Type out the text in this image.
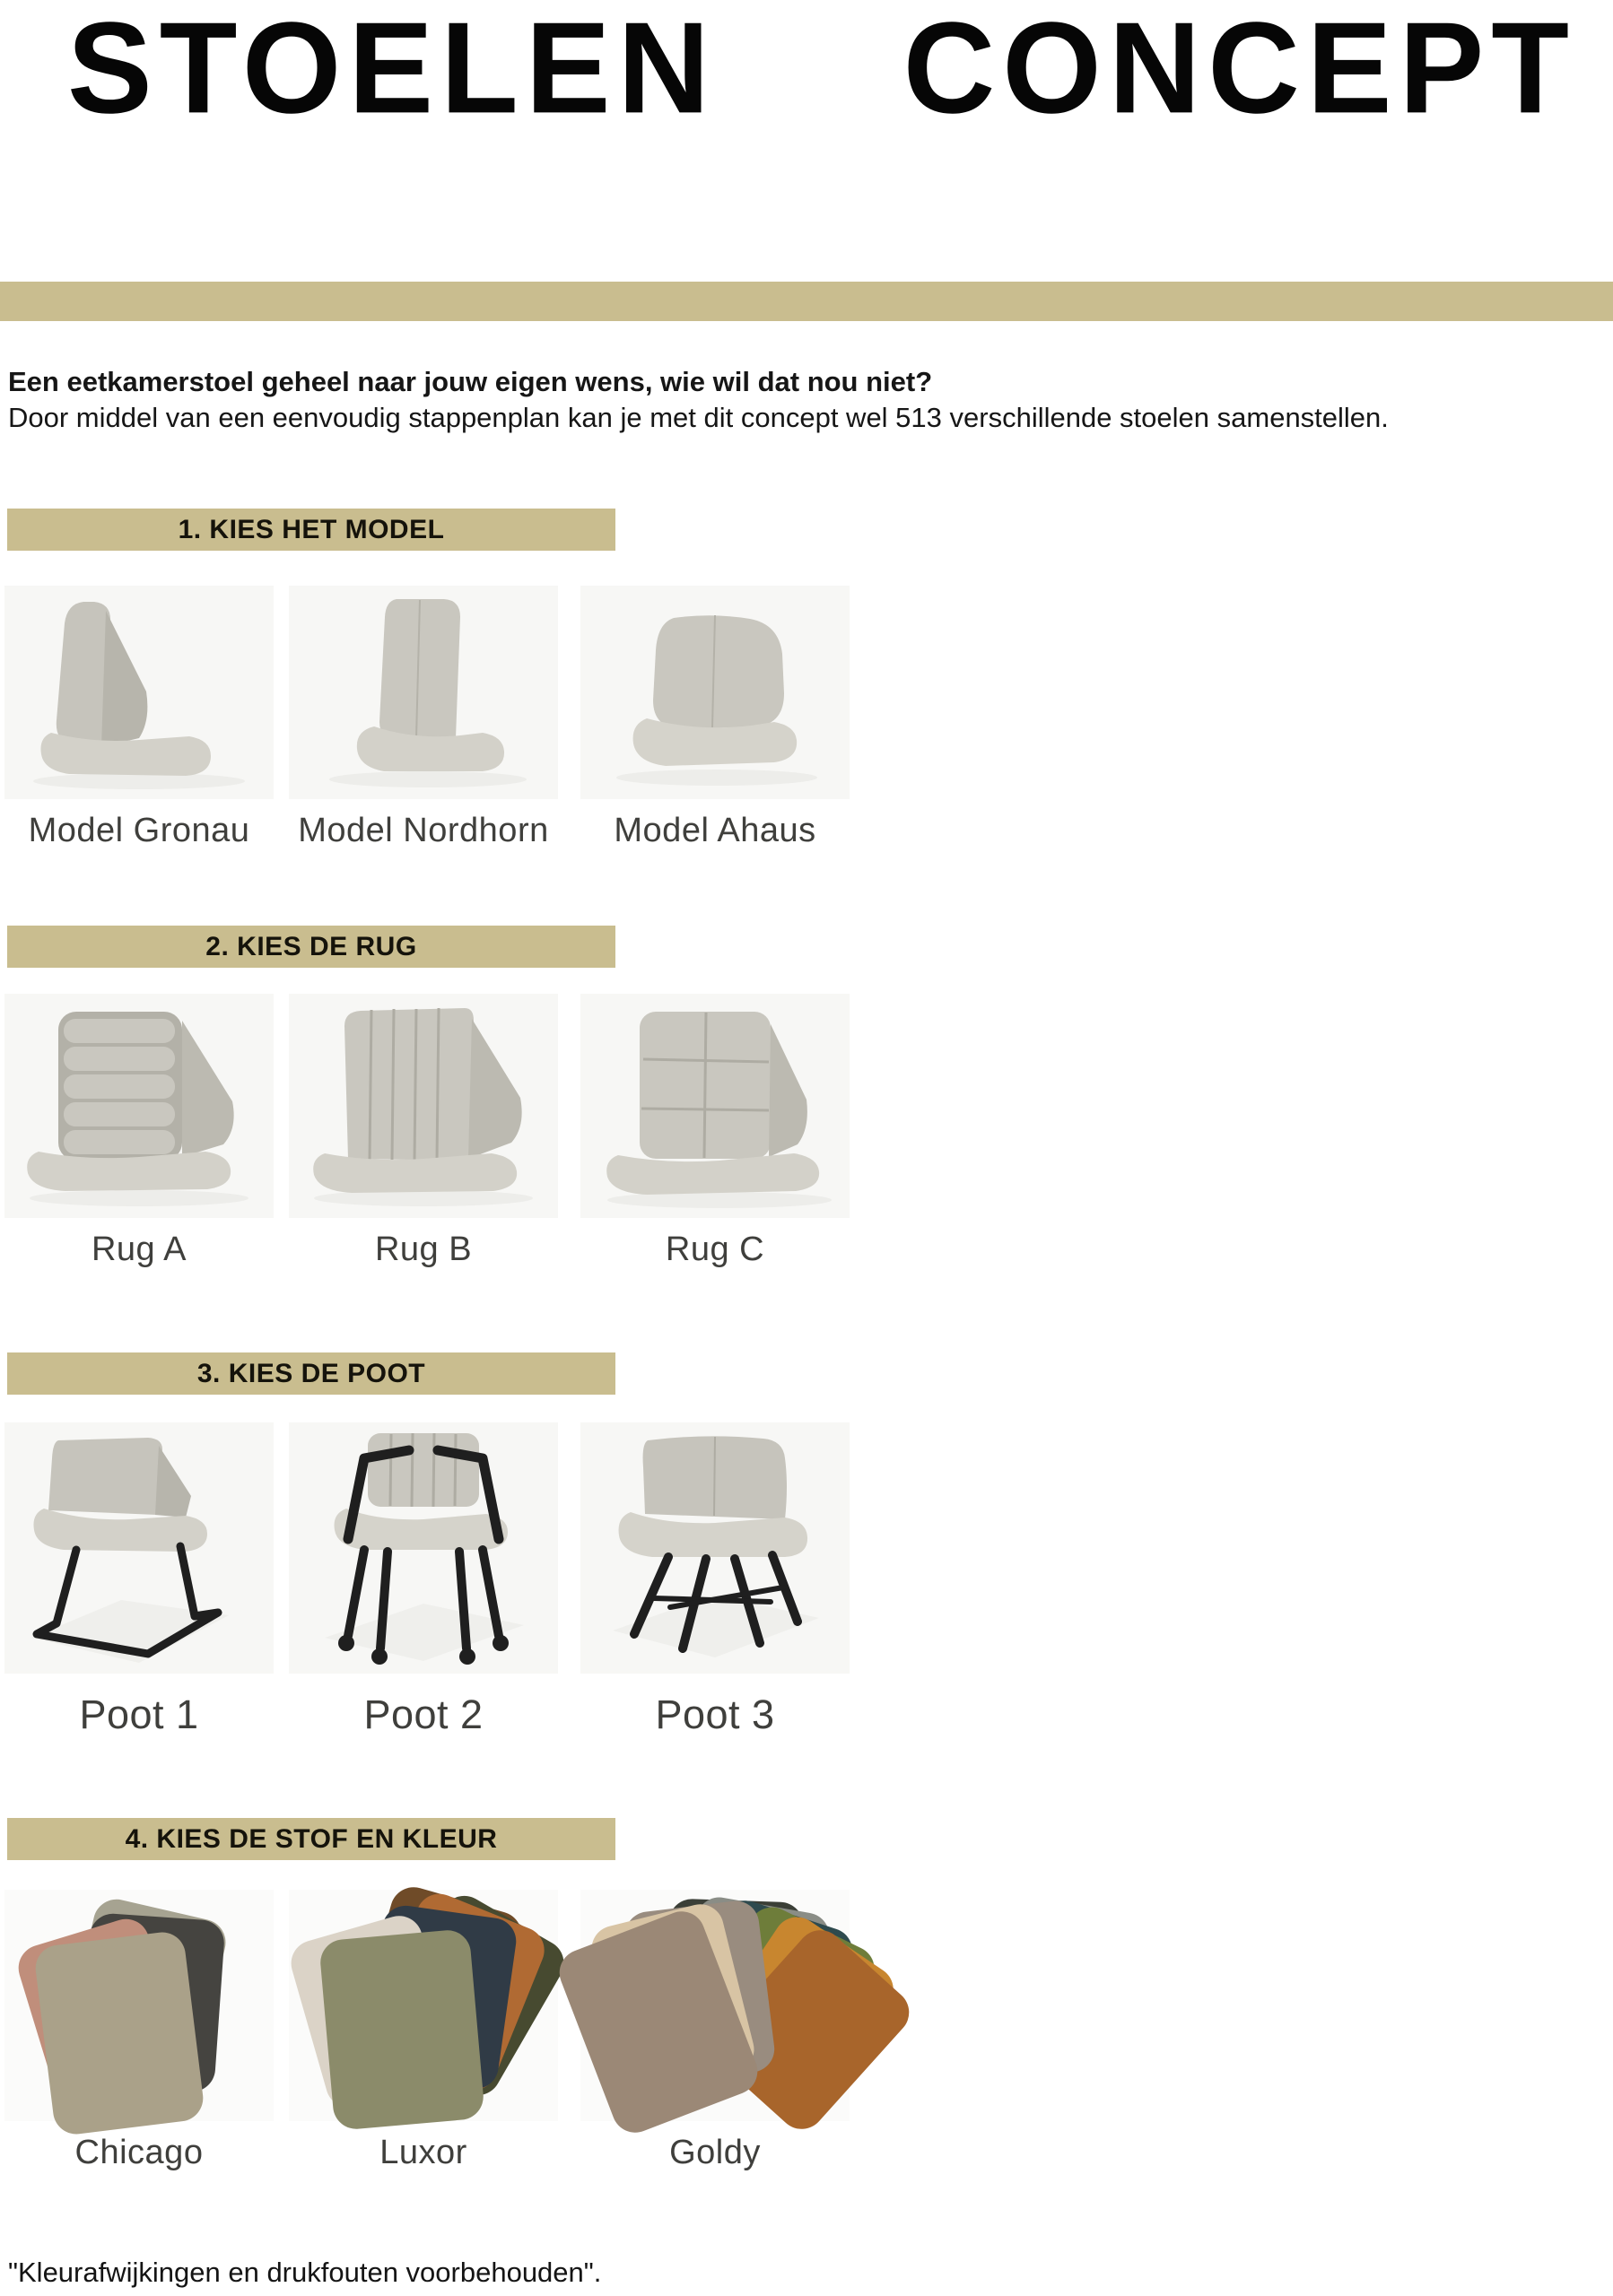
STOELEN CONCEPT
Een eetkamerstoel geheel naar jouw eigen wens, wie wil dat nou niet?
Door middel van een eenvoudig stappenplan kan je met dit concept wel 513 verschillende stoelen samenstellen.
1. KIES HET MODEL
Model Gronau Model Nordhorn Model Ahaus
2. KIES DE RUG
Rug A	Rug B	Rug C
3. KIES DE POOT
Poot 1	Poot 2	Poot 3
4. KIES DE STOF EN KLEUR
Chicago	Luxor	Goldy
"Kleurafwijkingen en drukfouten voorbehouden".
